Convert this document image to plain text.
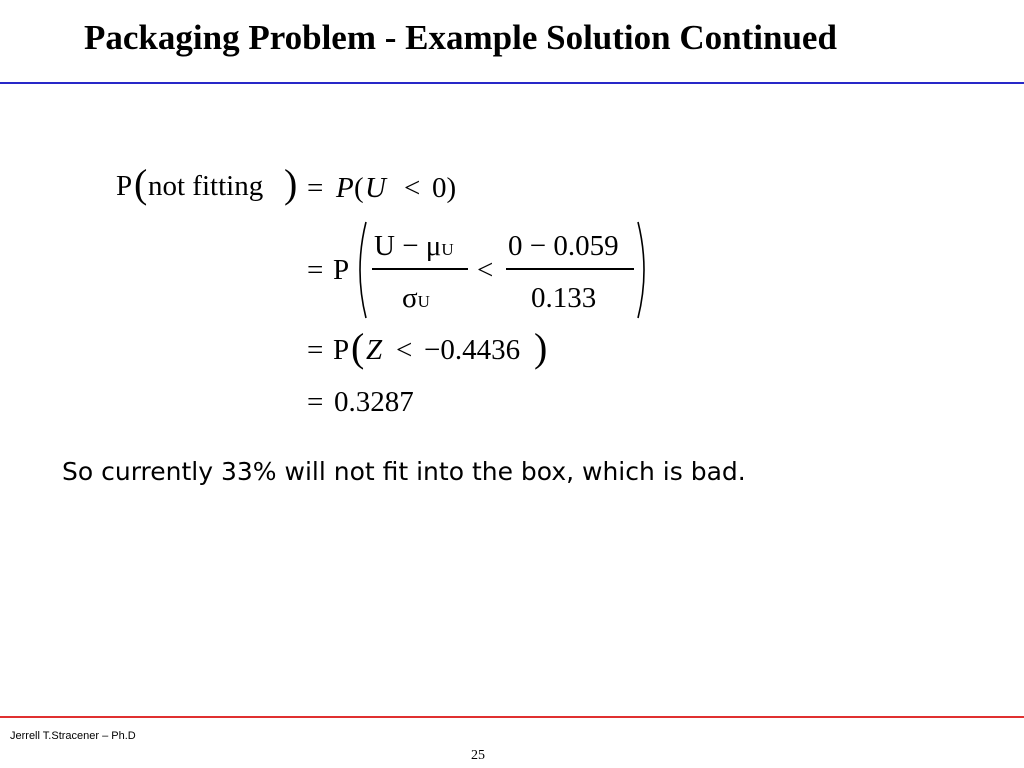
Packaging Problem - Example Solution Continued
P ( not fitting ) = P ( U < 0)
= P
U − μU
σU
<
0 − 0.059
0.133
= P ( Z < −0.4436 )
= 0.3287
So currently 33% will not fit into the box, which is bad.
Jerrell T.Stracener – Ph.D
25
